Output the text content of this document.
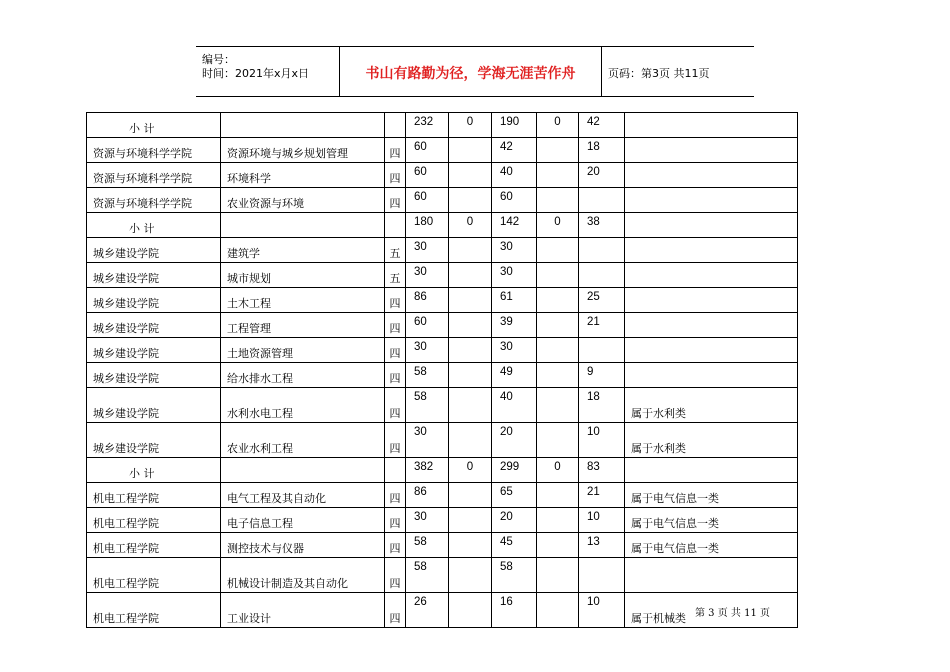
编号：
时间：2021年x月x日	书山有路勤为径，学海无涯苦作舟	页码：第3页 共11页
小 计			232	0	190	0	42	
资源与环境科学学院	资源环境与城乡规划管理	四	60		42		18	
资源与环境科学学院	环境科学	四	60		40		20	
资源与环境科学学院	农业资源与环境	四	60		60			
小 计			180	0	142	0	38	
城乡建设学院	建筑学	五	30		30			
城乡建设学院	城市规划	五	30		30			
城乡建设学院	土木工程	四	86		61		25	
城乡建设学院	工程管理	四	60		39		21	
城乡建设学院	土地资源管理	四	30		30			
城乡建设学院	给水排水工程	四	58		49		9	
城乡建设学院	水利水电工程	四	58		40		18	属于水利类
城乡建设学院	农业水利工程	四	30		20		10	属于水利类
小 计			382	0	299	0	83	
机电工程学院	电气工程及其自动化	四	86		65		21	属于电气信息一类
机电工程学院	电子信息工程	四	30		20		10	属于电气信息一类
机电工程学院	测控技术与仪器	四	58		45		13	属于电气信息一类
机电工程学院	机械设计制造及其自动化	四	58		58			
机电工程学院	工业设计	四	26		16		10	属于机械类 第 3 页 共 11 页
